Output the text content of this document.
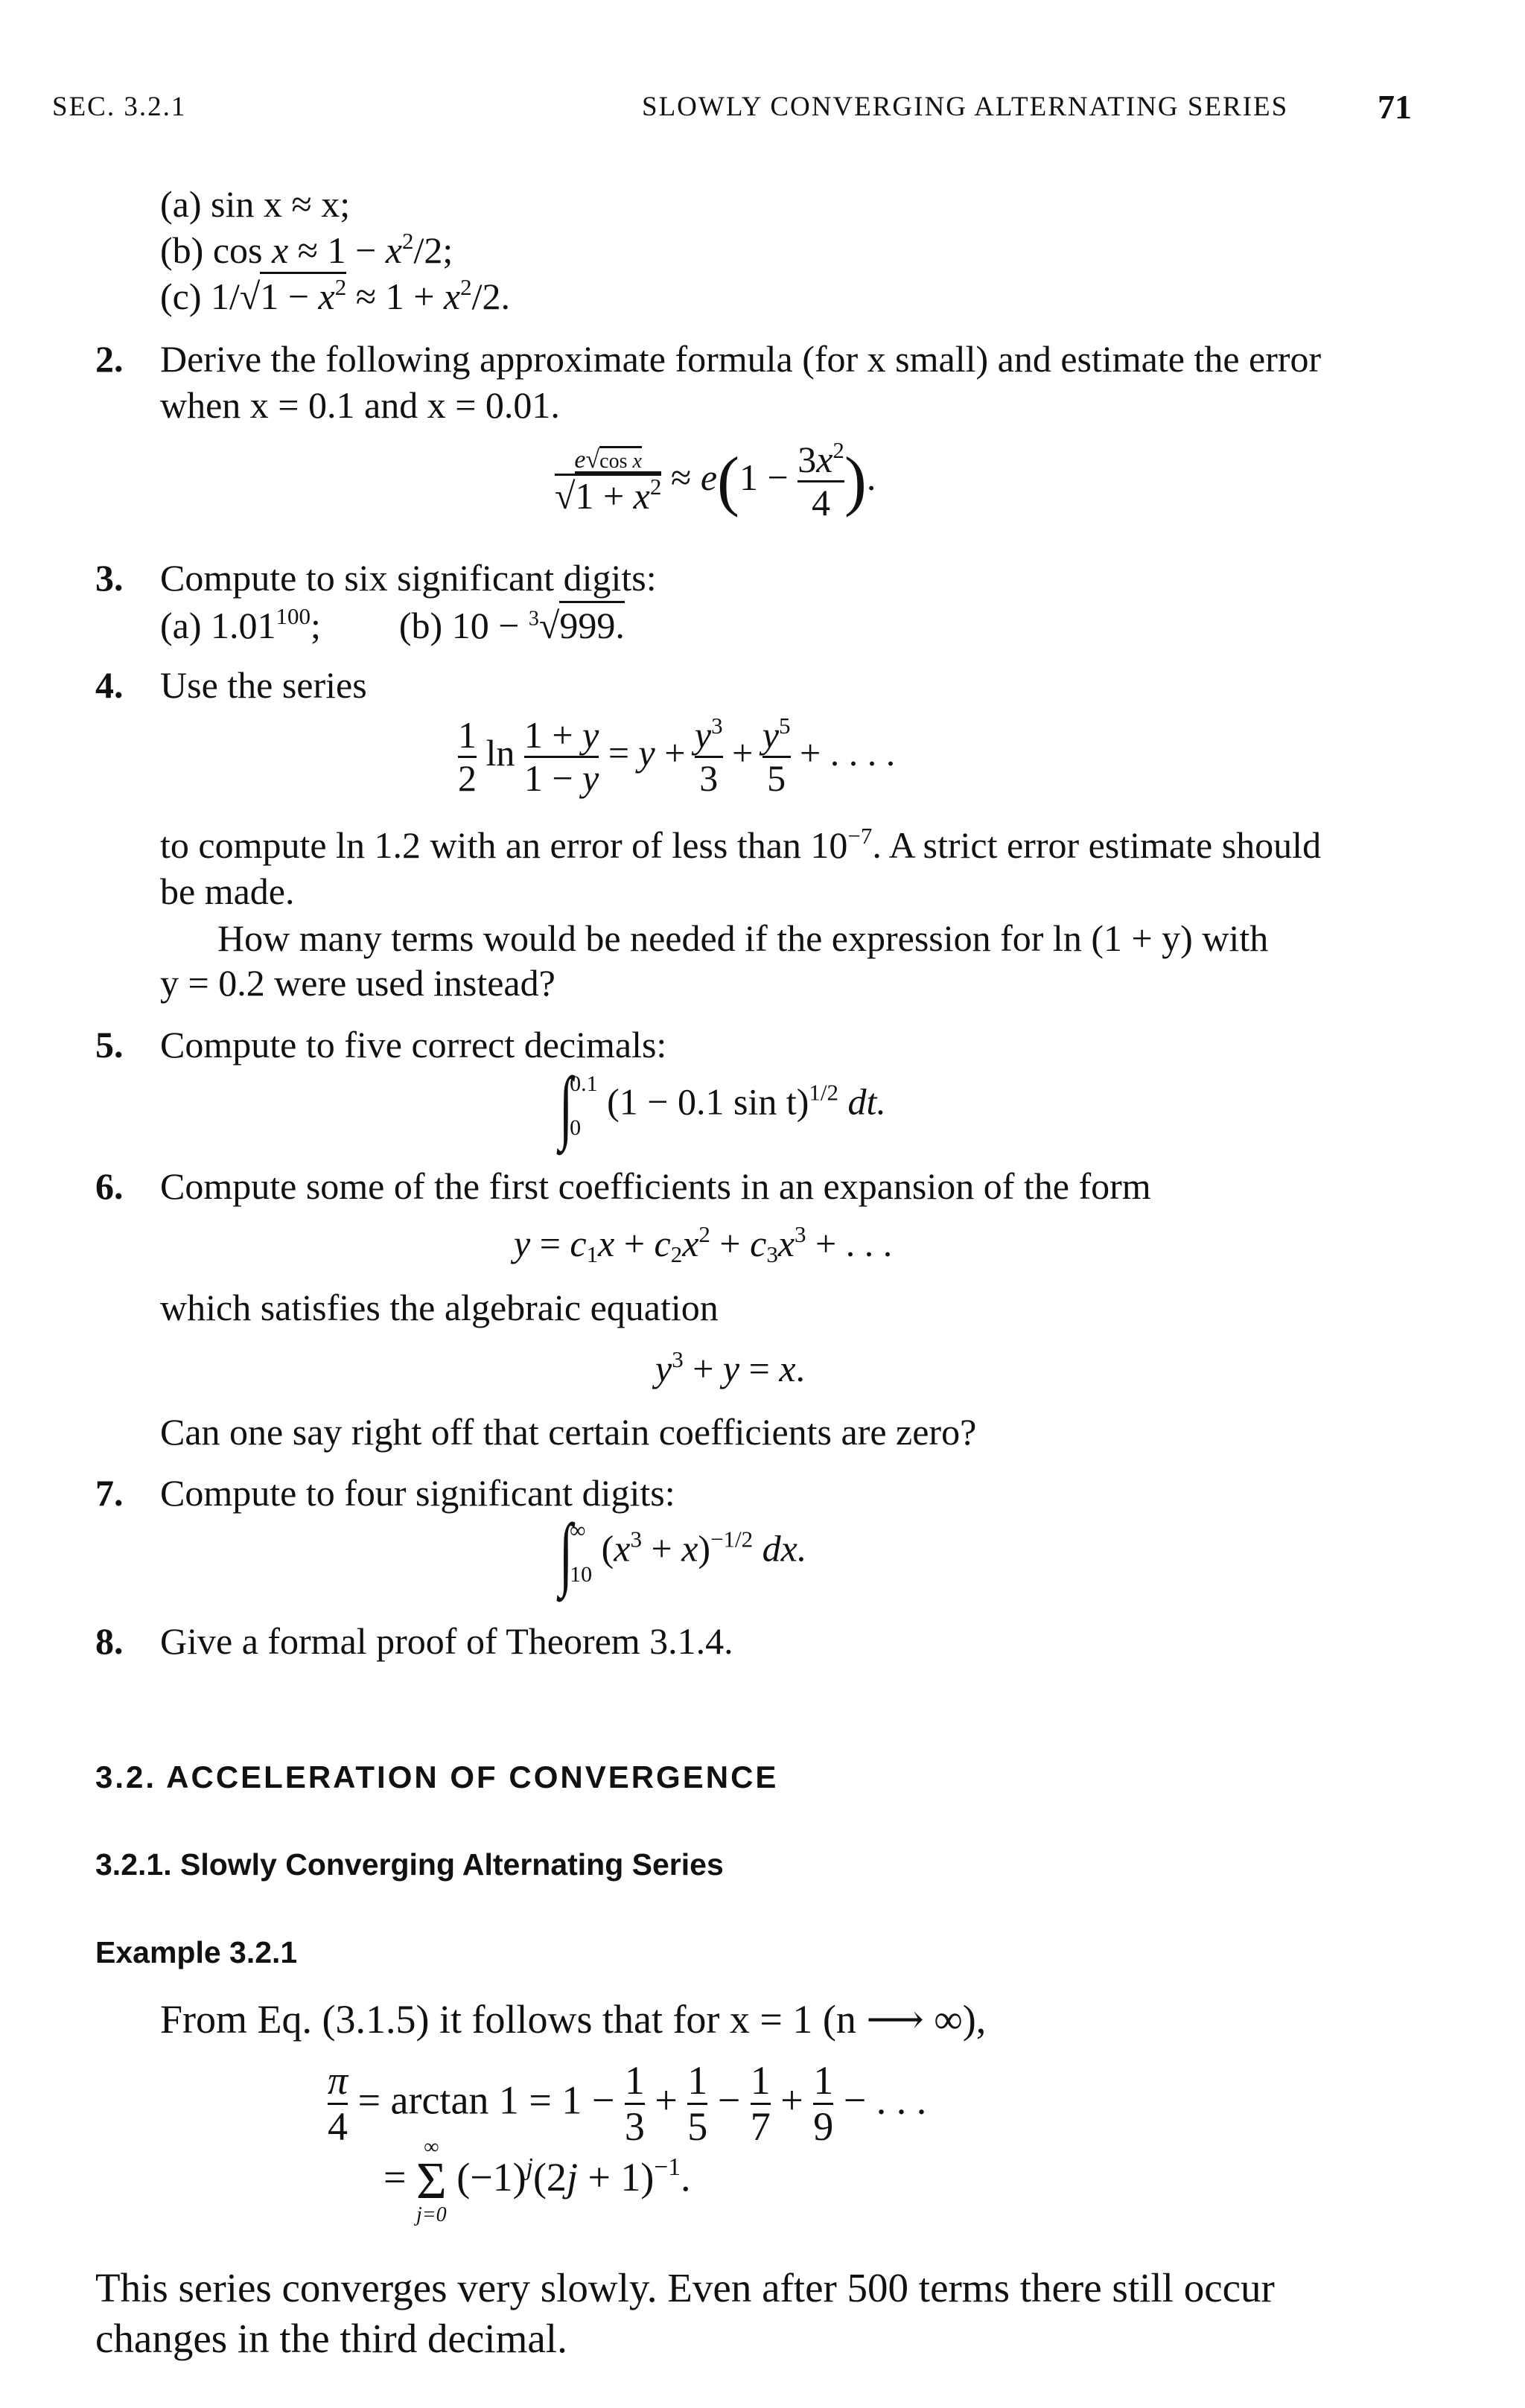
SEC. 3.2.1	SLOWLY CONVERGING ALTERNATING SERIES	71
(a) sin x ≈ x;
(b) $\cos x \approx 1 - x^2/2$;
(c) $1/√1 - x^2 \approx 1 + x^2/2$.
2. Derive the following approximate formula (for x small) and estimate the error
when x = 0.1 and x = 0.01.
$\frac{\text{e√cos x}}{√1 + x^2} \approx e(1 - \frac{3x^2}{4}$ ).
3. Compute to six significant digits:
(a) 1.01$^{100}$;  (b) 10 − $^3$√999.
4. Use the series
$\frac{1}{2}$ $\ln \frac{1 + y}{1 - y} = y + \frac{y^3}{3} + \frac{y^5}{5}$ + . . . .
to compute ln 1.2 with an error of less than $10^{-7}$. A strict error estimate should
be made.
How many terms would be needed if the expression for ln (1 + y) with
y = 0.2 were used instead?
5. Compute to five correct decimals:
∫
0.1
0
(1 − 0.1 sin t)$^{1/2}$ dt.
6. Compute some of the first coefficients in an expansion of the form
$y = c_1x + c_2x^2 + c_3x^3$ + . . .
which satisfies the algebraic equation
$y^3 + y = x$.
Can one say right off that certain coefficients are zero?
7. Compute to four significant digits:
∫
∞
10
$(x^3 + x)^{-1/2}$ dx.
8. Give a formal proof of Theorem 3.1.4.
3.2. ACCELERATION OF CONVERGENCE
3.2.1. Slowly Converging Alternating Series
Example 3.2.1
From Eq. (3.1.5) it follows that for x = 1 (n ⟶ ∞),
$\frac{\pi}{4} = \arctan 1 = 1 - \frac{1}{3} + \frac{1}{5} - \frac{1}{7} + \frac{1}{9}$ − . . .
=
∞
Σ
j=0
$(-1)^j(2j + 1)^{-1}$.
This series converges very slowly. Even after 500 terms there still occur
changes in the third decimal.
